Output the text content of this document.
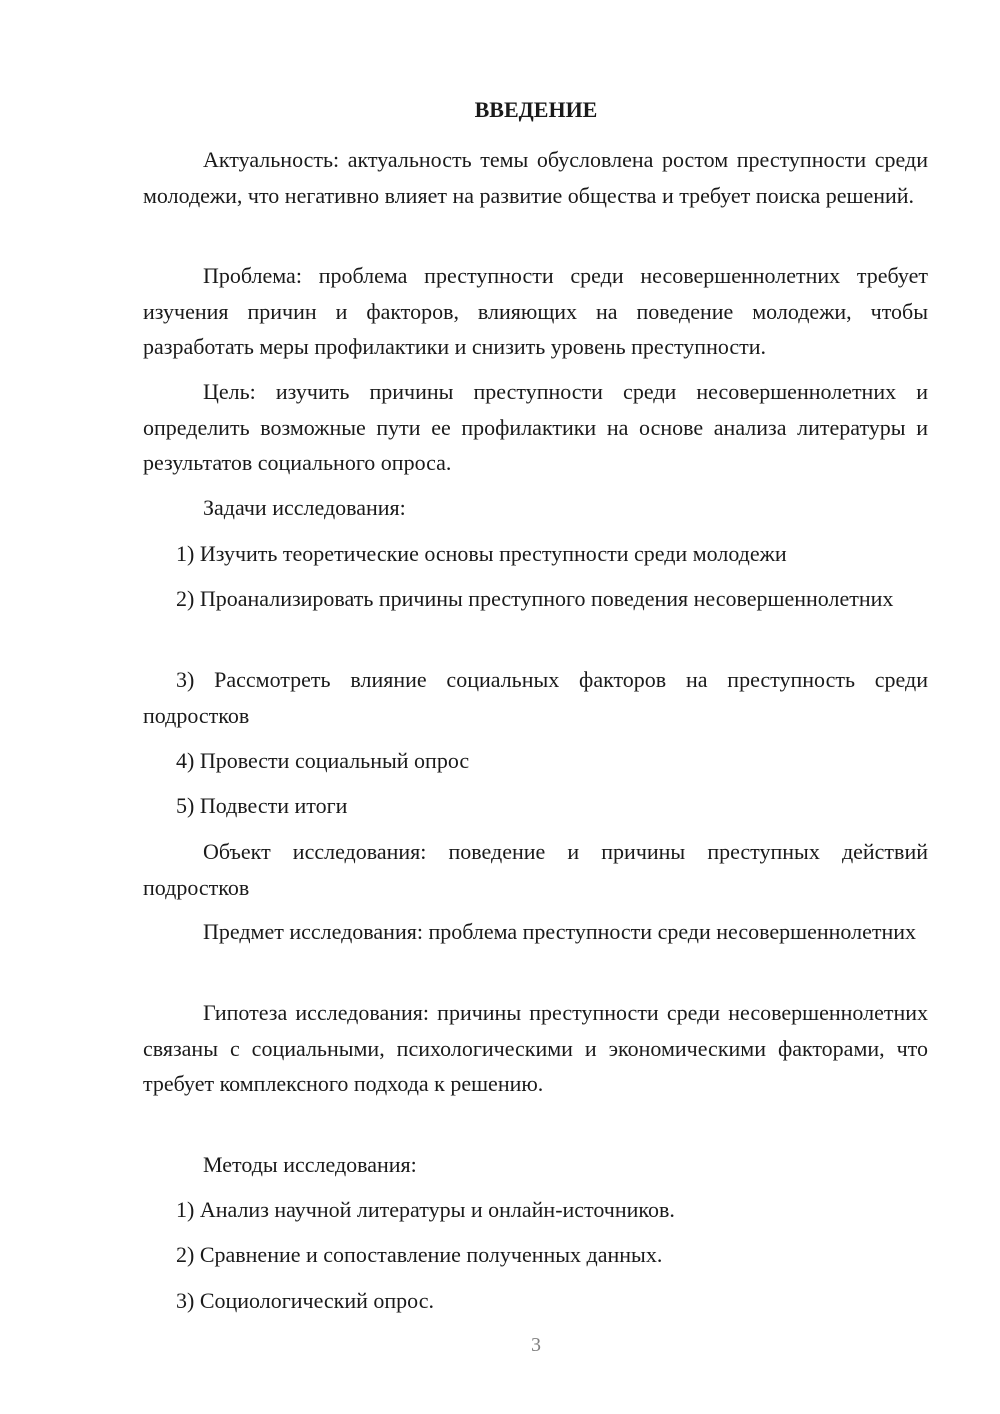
ВВЕДЕНИЕ

Актуальность: актуальность темы обусловлена ростом преступности среди молодежи, что негативно влияет на развитие общества и требует поиска решений.

Проблема: проблема преступности среди несовершеннолетних требует изучения причин и факторов, влияющих на поведение молодежи, чтобы разработать меры профилактики и снизить уровень преступности.

Цель: изучить причины преступности среди несовершеннолетних и определить возможные пути ее профилактики на основе анализа литературы и результатов социального опроса.

Задачи исследования:

1) Изучить теоретические основы преступности среди молодежи

2) Проанализировать причины преступного поведения несовершеннолетних

3) Рассмотреть влияние социальных факторов на преступность среди подростков

4) Провести социальный опрос

5) Подвести итоги

Объект исследования: поведение и причины преступных действий подростков

Предмет исследования: проблема преступности среди несовершеннолетних

Гипотеза исследования: причины преступности среди несовершеннолетних связаны с социальными, психологическими и экономическими факторами, что требует комплексного подхода к решению.

Методы исследования:

1) Анализ научной литературы и онлайн-источников.

2) Сравнение и сопоставление полученных данных.

3) Социологический опрос.

3
